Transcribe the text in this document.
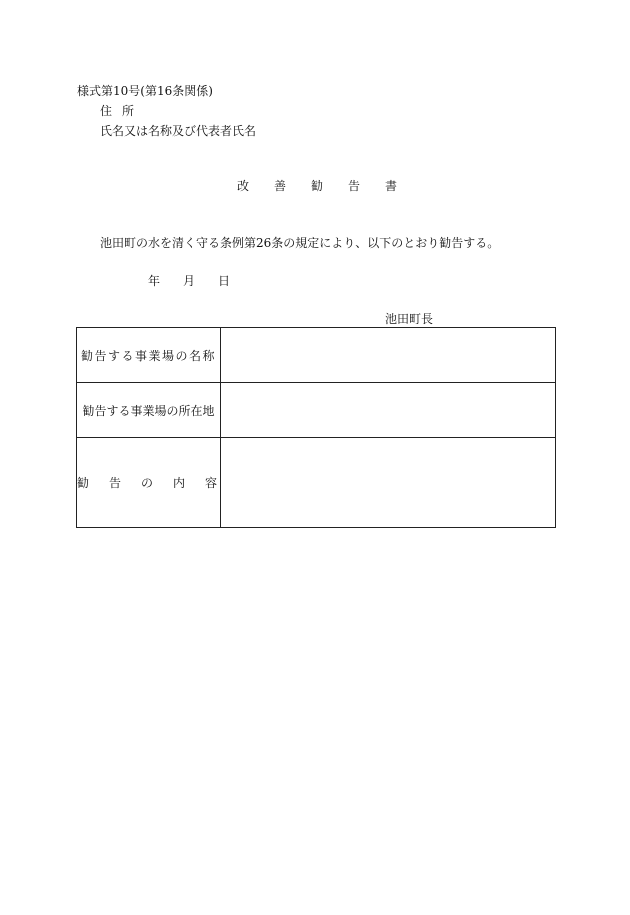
様式第10号(第16条関係)
住所
氏名又は名称及び代表者氏名
改善勧告書
池田町の水を清く守る条例第26条の規定により、以下のとおり勧告する。
年月日
池田町長
勧告する事業場の名称	
勧告する事業場の所在地	
勧告の内容	
